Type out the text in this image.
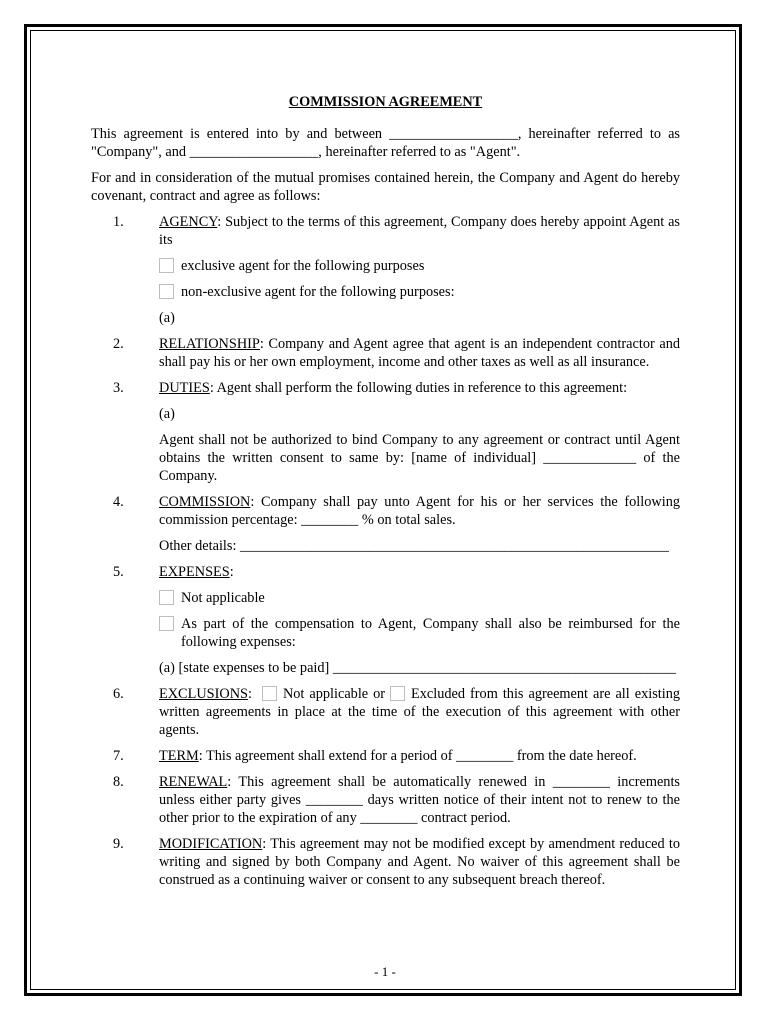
COMMISSION AGREEMENT

This agreement is entered into by and between __________________, hereinafter referred to as "Company", and __________________, hereinafter referred to as "Agent".

For and in consideration of the mutual promises contained herein, the Company and Agent do hereby covenant, contract and agree as follows:

1. AGENCY: Subject to the terms of this agreement, Company does hereby appoint Agent as its

exclusive agent for the following purposes
non-exclusive agent for the following purposes:

(a)

2. RELATIONSHIP: Company and Agent agree that agent is an independent contractor and shall pay his or her own employment, income and other taxes as well as all insurance.

3. DUTIES: Agent shall perform the following duties in reference to this agreement:

(a)

Agent shall not be authorized to bind Company to any agreement or contract until Agent obtains the written consent to same by: [name of individual] _____________ of the Company.

4. COMMISSION: Company shall pay unto Agent for his or her services the following commission percentage: ________ % on total sales.

Other details: ____________________________________________________________

5. EXPENSES:

Not applicable
As part of the compensation to Agent, Company shall also be reimbursed for the following expenses:

(a) [state expenses to be paid] ________________________________________________

6. EXCLUSIONS: Not applicable or Excluded from this agreement are all existing written agreements in place at the time of the execution of this agreement with other agents.

7. TERM: This agreement shall extend for a period of ________ from the date hereof.

8. RENEWAL: This agreement shall be automatically renewed in ________ increments unless either party gives ________ days written notice of their intent not to renew to the other prior to the expiration of any ________ contract period.

9. MODIFICATION: This agreement may not be modified except by amendment reduced to writing and signed by both Company and Agent. No waiver of this agreement shall be construed as a continuing waiver or consent to any subsequent breach thereof.

- 1 -
